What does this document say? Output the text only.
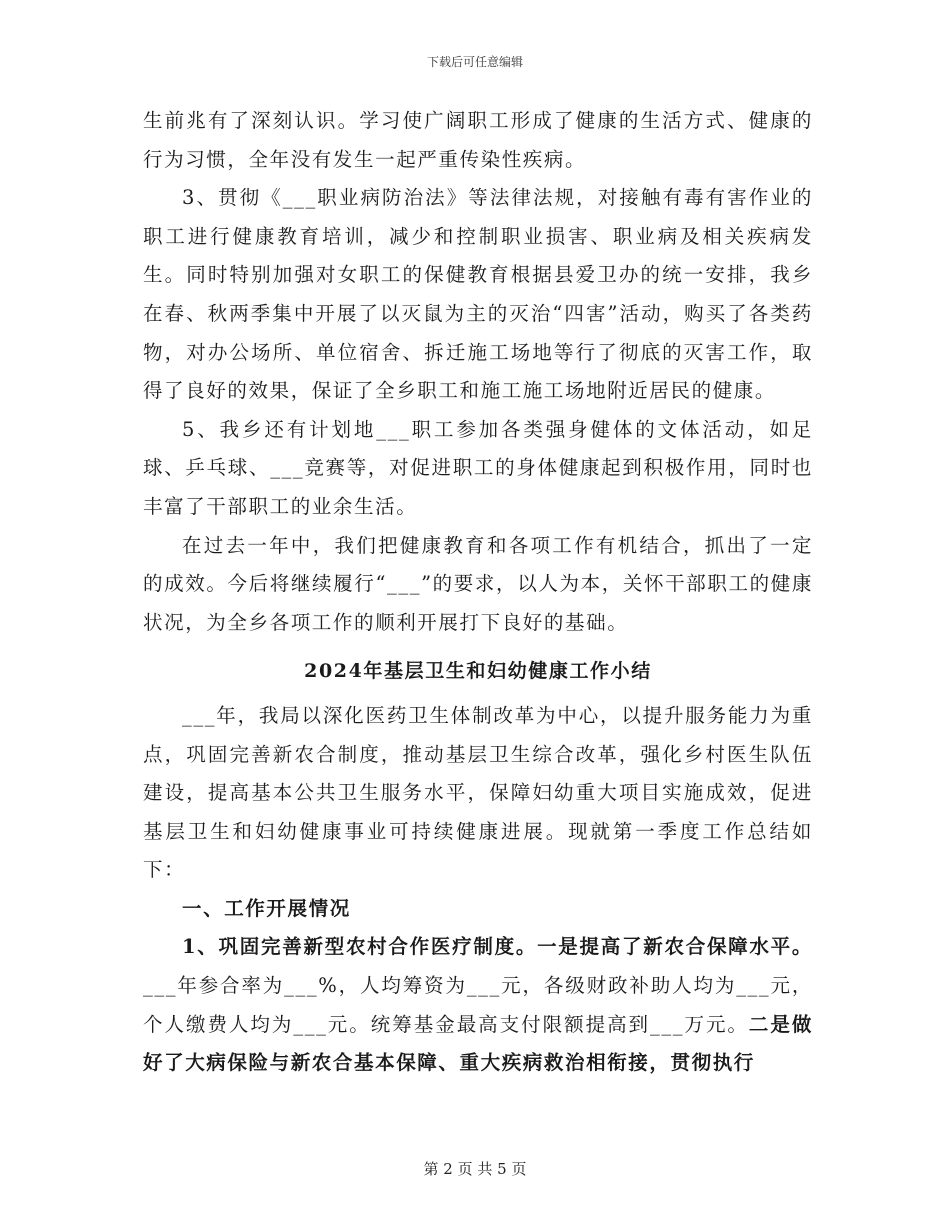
下载后可任意编辑

生前兆有了深刻认识。学习使广阔职工形成了健康的生活方式、健康的行为习惯，全年没有发生一起严重传染性疾病。

3、贯彻《___职业病防治法》等法律法规，对接触有毒有害作业的职工进行健康教育培训，减少和控制职业损害、职业病及相关疾病发生。同时特别加强对女职工的保健教育根据县爱卫办的统一安排，我乡在春、秋两季集中开展了以灭鼠为主的灭治“四害”活动，购买了各类药物，对办公场所、单位宿舍、拆迁施工场地等行了彻底的灭害工作，取得了良好的效果，保证了全乡职工和施工施工场地附近居民的健康。

5、我乡还有计划地___职工参加各类强身健体的文体活动，如足球、乒乓球、___竞赛等，对促进职工的身体健康起到积极作用，同时也丰富了干部职工的业余生活。

在过去一年中，我们把健康教育和各项工作有机结合，抓出了一定的成效。今后将继续履行“___”的要求，以人为本，关怀干部职工的健康状况，为全乡各项工作的顺利开展打下良好的基础。

2024年基层卫生和妇幼健康工作小结

___年，我局以深化医药卫生体制改革为中心，以提升服务能力为重点，巩固完善新农合制度，推动基层卫生综合改革，强化乡村医生队伍建设，提高基本公共卫生服务水平，保障妇幼重大项目实施成效，促进基层卫生和妇幼健康事业可持续健康进展。现就第一季度工作总结如下：

一、工作开展情况

1、巩固完善新型农村合作医疗制度。一是提高了新农合保障水平。___年参合率为___%，人均筹资为___元，各级财政补助人均为___元，个人缴费人均为___元。统筹基金最高支付限额提高到___万元。二是做好了大病保险与新农合基本保障、重大疾病救治相衔接，贯彻执行

第 2 页 共 5 页
